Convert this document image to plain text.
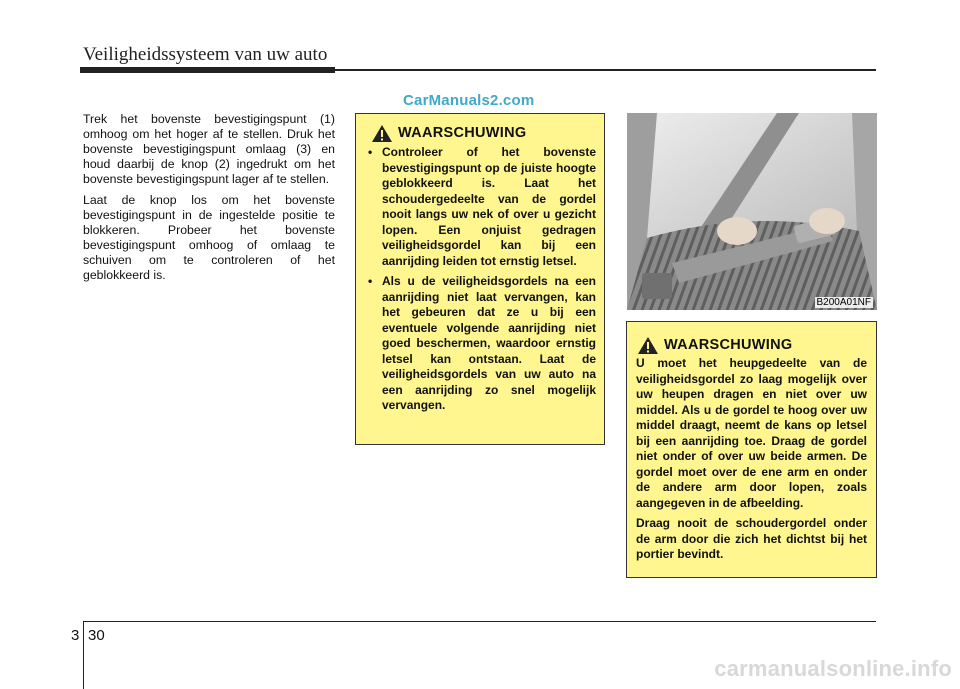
Veiligheidssysteem van uw auto
CarManuals2.com

Trek het bovenste bevestigingspunt (1) omhoog om het hoger af te stellen. Druk het bovenste bevestigingspunt omlaag (3) en houd daarbij de knop (2) ingedrukt om het bovenste bevestigingspunt lager af te stellen.

Laat de knop los om het bovenste bevestigingspunt in de ingestelde positie te blokkeren. Probeer het bovenste bevestigingspunt omhoog of omlaag te schuiven om te controleren of het geblokkeerd is.

WAARSCHUWING
• Controleer of het bovenste bevestigingspunt op de juiste hoogte geblokkeerd is. Laat het schoudergedeelte van de gordel nooit langs uw nek of over u gezicht lopen. Een onjuist gedragen veiligheidsgordel kan bij een aanrijding leiden tot ernstig letsel.
• Als u de veiligheidsgordels na een aanrijding niet laat vervangen, kan het gebeuren dat ze u bij een eventuele volgende aanrijding niet goed beschermen, waardoor ernstig letsel kan ontstaan. Laat de veiligheidsgordels van uw auto na een aanrijding zo snel mogelijk vervangen.
B200A01NF
WAARSCHUWING

U moet het heupgedeelte van de veiligheidsgordel zo laag mogelijk over uw heupen dragen en niet over uw middel. Als u de gordel te hoog over uw middel draagt, neemt de kans op letsel bij een aanrijding toe. Draag de gordel niet onder of over uw beide armen. De gordel moet over de ene arm en onder de andere arm door lopen, zoals aangegeven in de afbeelding.

Draag nooit de schoudergordel onder de arm door die zich het dichtst bij het portier bevindt.

3 30
carmanualsonline.info
